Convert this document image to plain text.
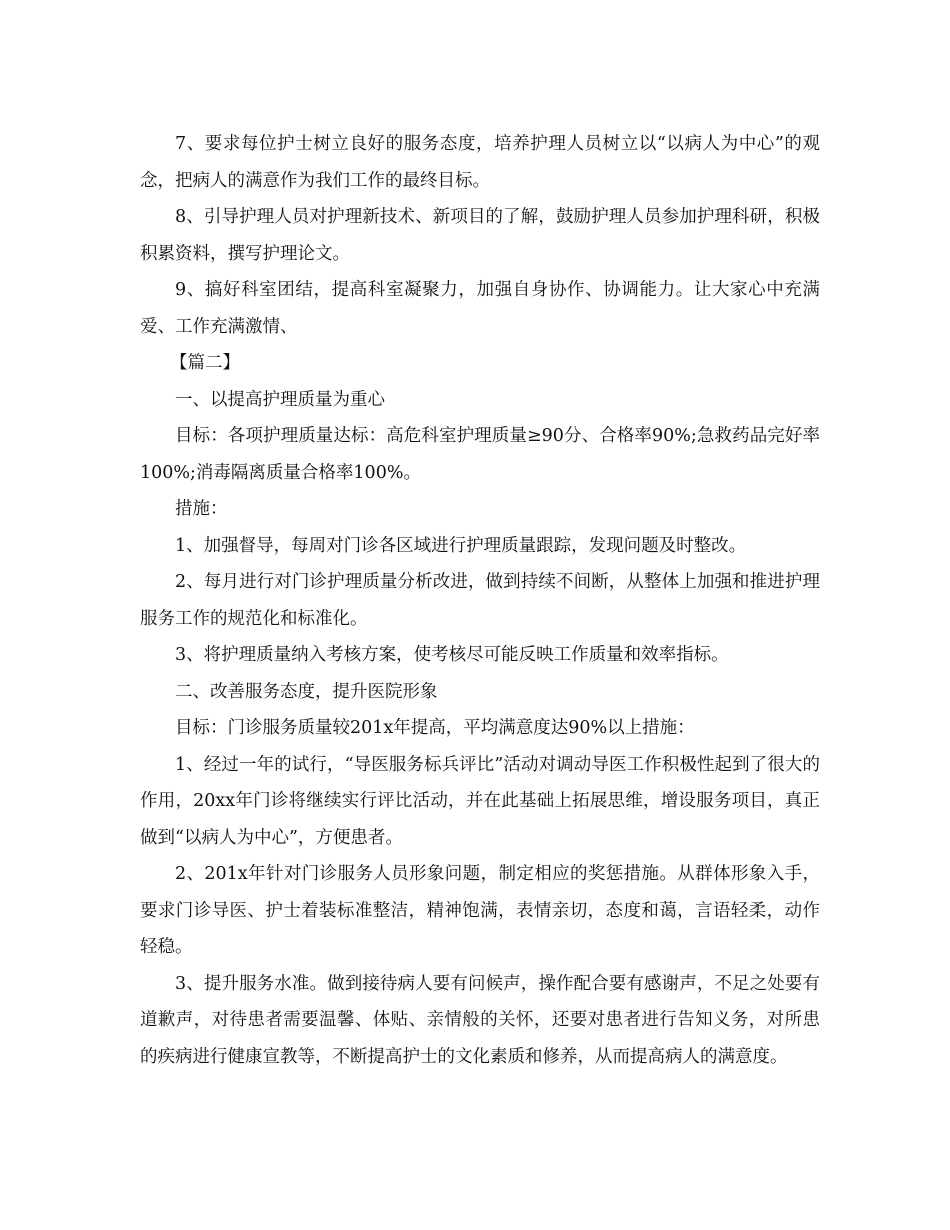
7、要求每位护士树立良好的服务态度，培养护理人员树立以“以病人为中心”的观念，把病人的满意作为我们工作的最终目标。

8、引导护理人员对护理新技术、新项目的了解，鼓励护理人员参加护理科研，积极积累资料，撰写护理论文。

9、搞好科室团结，提高科室凝聚力，加强自身协作、协调能力。让大家心中充满爱、工作充满激情、

【篇二】

一、以提高护理质量为重心

目标：各项护理质量达标：高危科室护理质量≥90分、合格率90%;急救药品完好率100%;消毒隔离质量合格率100%。

措施：

1、加强督导，每周对门诊各区域进行护理质量跟踪，发现问题及时整改。

2、每月进行对门诊护理质量分析改进，做到持续不间断，从整体上加强和推进护理服务工作的规范化和标准化。

3、将护理质量纳入考核方案，使考核尽可能反映工作质量和效率指标。

二、改善服务态度，提升医院形象

目标：门诊服务质量较201x年提高，平均满意度达90%以上措施：

1、经过一年的试行，“导医服务标兵评比”活动对调动导医工作积极性起到了很大的作用，20xx年门诊将继续实行评比活动，并在此基础上拓展思维，增设服务项目，真正做到“以病人为中心”，方便患者。

2、201x年针对门诊服务人员形象问题，制定相应的奖惩措施。从群体形象入手，要求门诊导医、护士着装标准整洁，精神饱满，表情亲切，态度和蔼，言语轻柔，动作轻稳。

3、提升服务水准。做到接待病人要有问候声，操作配合要有感谢声，不足之处要有道歉声，对待患者需要温馨、体贴、亲情般的关怀，还要对患者进行告知义务，对所患的疾病进行健康宣教等，不断提高护士的文化素质和修养，从而提高病人的满意度。
